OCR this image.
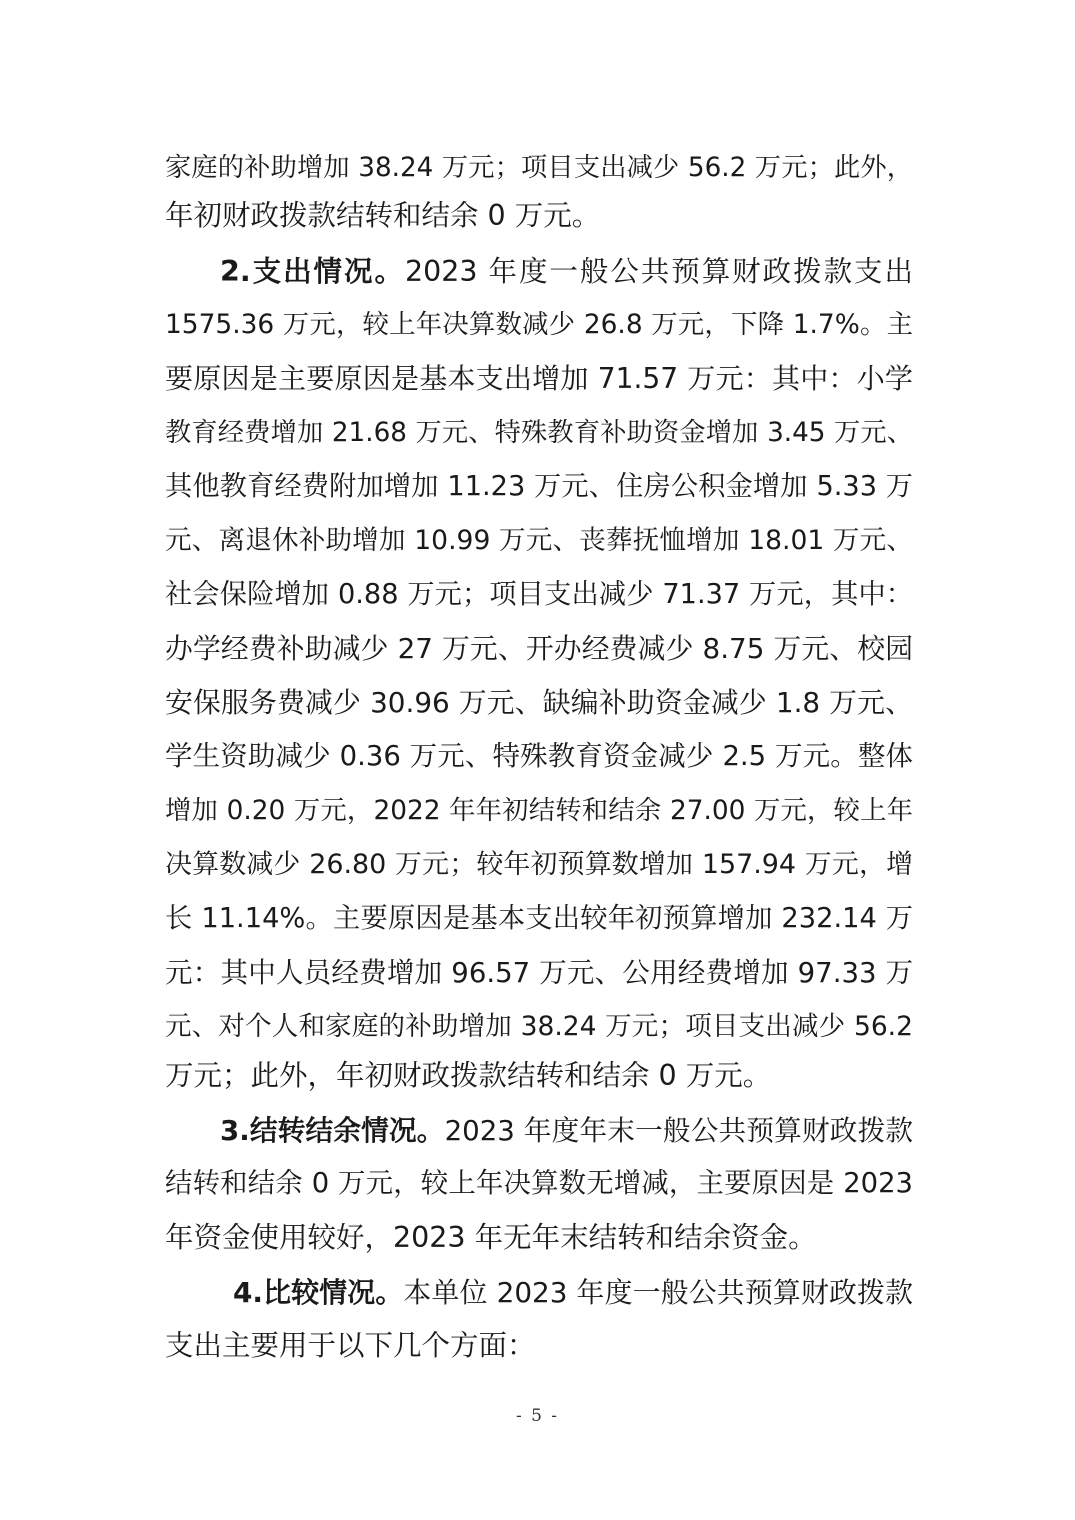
家庭的补助增加 38.24 万元；项目支出减少 56.2 万元；此外，
年初财政拨款结转和结余 0 万元。
2.支出情况。2023 年度一般公共预算财政拨款支出
1575.36 万元，较上年决算数减少 26.8 万元，下降 1.7%。主
要原因是主要原因是基本支出增加 71.57 万元：其中：小学
教育经费增加 21.68 万元、特殊教育补助资金增加 3.45 万元、
其他教育经费附加增加 11.23 万元、住房公积金增加 5.33 万
元、离退休补助增加 10.99 万元、丧葬抚恤增加 18.01 万元、
社会保险增加 0.88 万元；项目支出减少 71.37 万元，其中：
办学经费补助减少 27 万元、开办经费减少 8.75 万元、校园
安保服务费减少 30.96 万元、缺编补助资金减少 1.8 万元、
学生资助减少 0.36 万元、特殊教育资金减少 2.5 万元。整体
增加 0.20 万元，2022 年年初结转和结余 27.00 万元，较上年
决算数减少 26.80 万元；较年初预算数增加 157.94 万元，增
长 11.14%。主要原因是基本支出较年初预算增加 232.14 万
元：其中人员经费增加 96.57 万元、公用经费增加 97.33 万
元、对个人和家庭的补助增加 38.24 万元；项目支出减少 56.2
万元；此外，年初财政拨款结转和结余 0 万元。
3.结转结余情况。2023 年度年末一般公共预算财政拨款
结转和结余 0 万元，较上年决算数无增减，主要原因是 2023
年资金使用较好，2023 年无年末结转和结余资金。
4.比较情况。本单位 2023 年度一般公共预算财政拨款
支出主要用于以下几个方面：
- 5 -
